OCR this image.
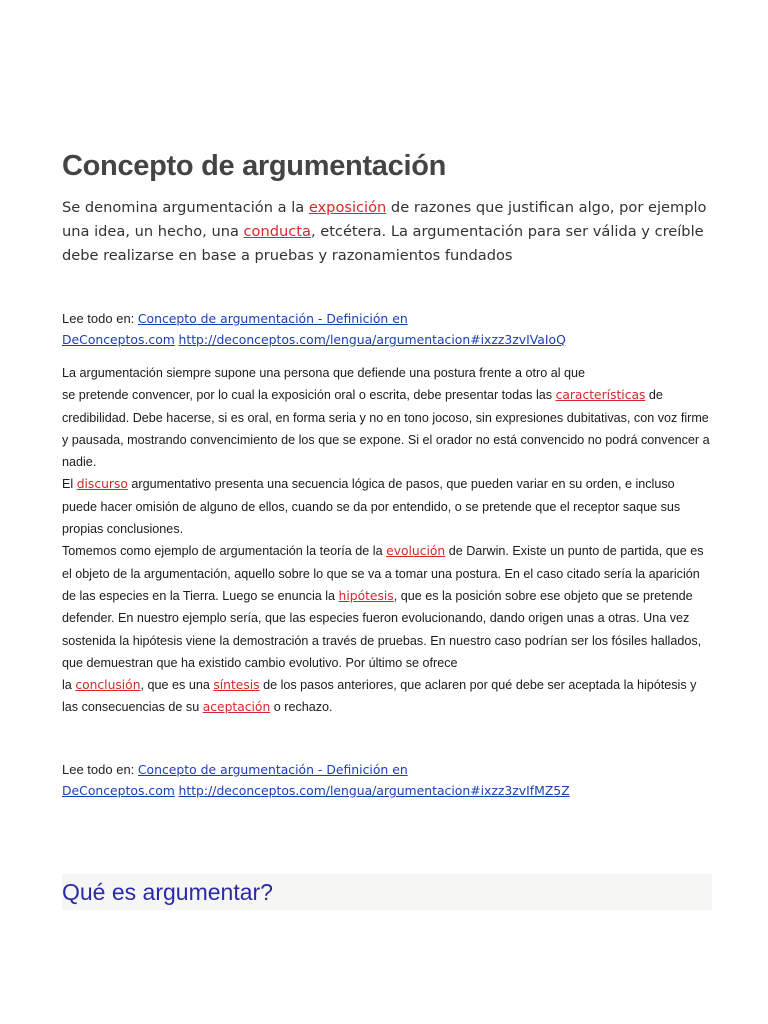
Concepto de argumentación

Se denomina argumentación a la exposición de razones que justifican algo, por ejemplo una idea, un hecho, una conducta, etcétera. La argumentación para ser válida y creíble debe realizarse en base a pruebas y razonamientos fundados

Lee todo en: Concepto de argumentación - Definición en
DeConceptos.com http://deconceptos.com/lengua/argumentacion#ixzz3zvIVaIoQ

La argumentación siempre supone una persona que defiende una postura frente a otro al que
se pretende convencer, por lo cual la exposición oral o escrita, debe presentar todas las características de credibilidad. Debe hacerse, si es oral, en forma seria y no en tono jocoso, sin expresiones dubitativas, con voz firme y pausada, mostrando convencimiento de los que se expone. Si el orador no está convencido no podrá convencer a nadie.
El discurso argumentativo presenta una secuencia lógica de pasos, que pueden variar en su orden, e incluso puede hacer omisión de alguno de ellos, cuando se da por entendido, o se pretende que el receptor saque sus propias conclusiones.
Tomemos como ejemplo de argumentación la teoría de la evolución de Darwin. Existe un punto de partida, que es el objeto de la argumentación, aquello sobre lo que se va a tomar una postura. En el caso citado sería la aparición de las especies en la Tierra. Luego se enuncia la hipótesis, que es la posición sobre ese objeto que se pretende defender. En nuestro ejemplo sería, que las especies fueron evolucionando, dando origen unas a otras. Una vez sostenida la hipótesis viene la demostración a través de pruebas. En nuestro caso podrían ser los fósiles hallados, que demuestran que ha existido cambio evolutivo. Por último se ofrece
la conclusión, que es una síntesis de los pasos anteriores, que aclaren por qué debe ser aceptada la hipótesis y las consecuencias de su aceptación o rechazo.

Lee todo en: Concepto de argumentación - Definición en
DeConceptos.com http://deconceptos.com/lengua/argumentacion#ixzz3zvIfMZ5Z

Qué es argumentar?
